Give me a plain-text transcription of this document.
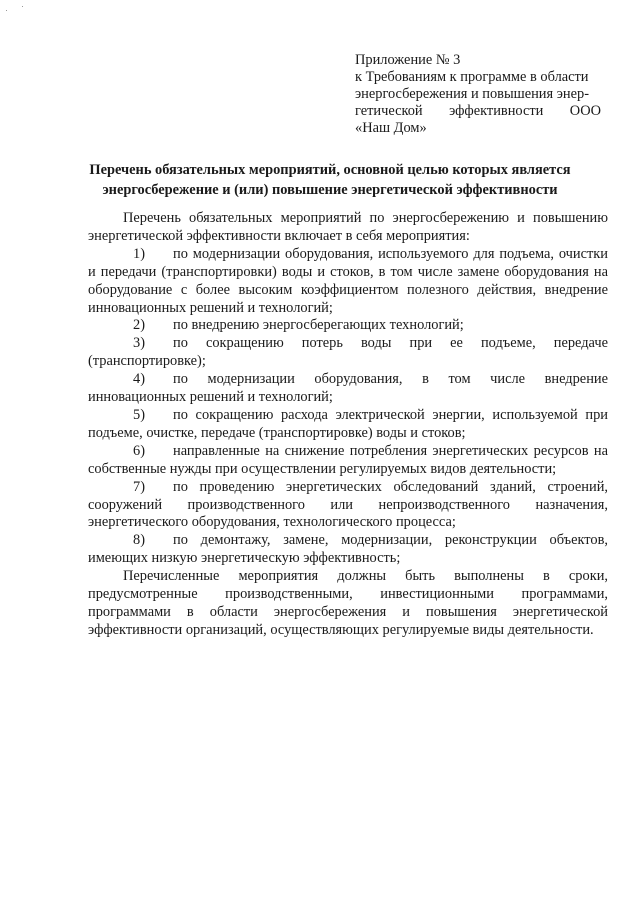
Приложение № 3
к Требованиям к программе в области
энергосбережения и повышения энер-
гетической эффективности ООО
«Наш Дом»
Перечень обязательных мероприятий, основной целью которых является
энергосбережение и (или) повышение энергетической эффективности

Перечень обязательных мероприятий по энергосбережению и повышению энергетической эффективности включает в себя мероприятия:

1) по модернизации оборудования, используемого для подъема, очистки и передачи (транспортировки) воды и стоков, в том числе замене оборудования на оборудование с более высоким коэффициентом полезного действия, внедрение инновационных решений и технологий;

2) по внедрению энергосберегающих технологий;

3) по сокращению потерь воды при ее подъеме, передаче (транспортировке);

4) по модернизации оборудования, в том числе внедрение инновационных решений и технологий;

5) по сокращению расхода электрической энергии, используемой при подъеме, очистке, передаче (транспортировке) воды и стоков;

6) направленные на снижение потребления энергетических ресурсов на собственные нужды при осуществлении регулируемых видов деятельности;

7) по проведению энергетических обследований зданий, строений, сооружений производственного или непроизводственного назначения, энергетического оборудования, технологического процесса;

8) по демонтажу, замене, модернизации, реконструкции объектов, имеющих низкую энергетическую эффективность;

Перечисленные мероприятия должны быть выполнены в сроки, предусмотренные производственными, инвестиционными программами, программами в области энергосбережения и повышения энергетической эффективности организаций, осуществляющих регулируемые виды деятельности.
